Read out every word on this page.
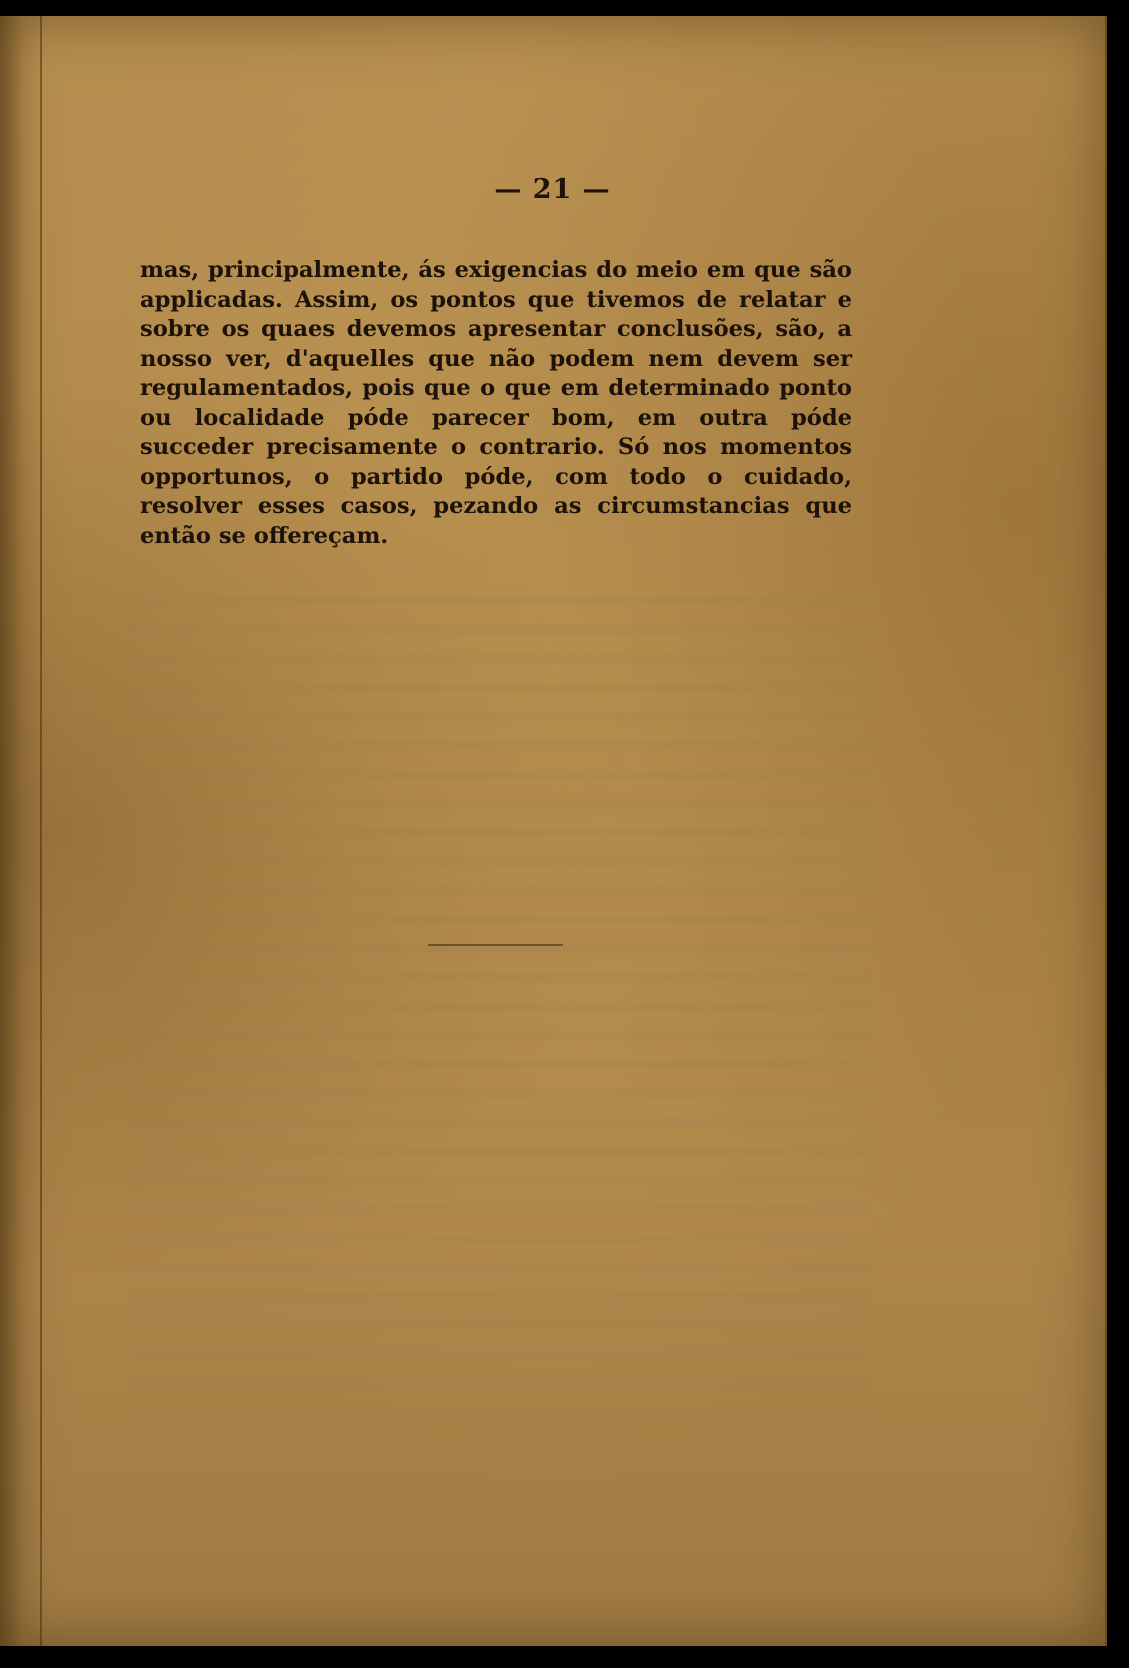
— 21 —

mas, principalmente, ás exigencias do meio em que são applicadas. Assim, os pontos que tivemos de relatar e sobre os quaes devemos apresentar conclusões, são, a nosso ver, d'aquelles que não podem nem devem ser regulamentados, pois que o que em determinado ponto ou localidade póde parecer bom, em outra póde succeder precisamente o contrario. Só nos momentos opportunos, o partido póde, com todo o cuidado, resolver esses casos, pezando as circumstancias que então se offereçam.
